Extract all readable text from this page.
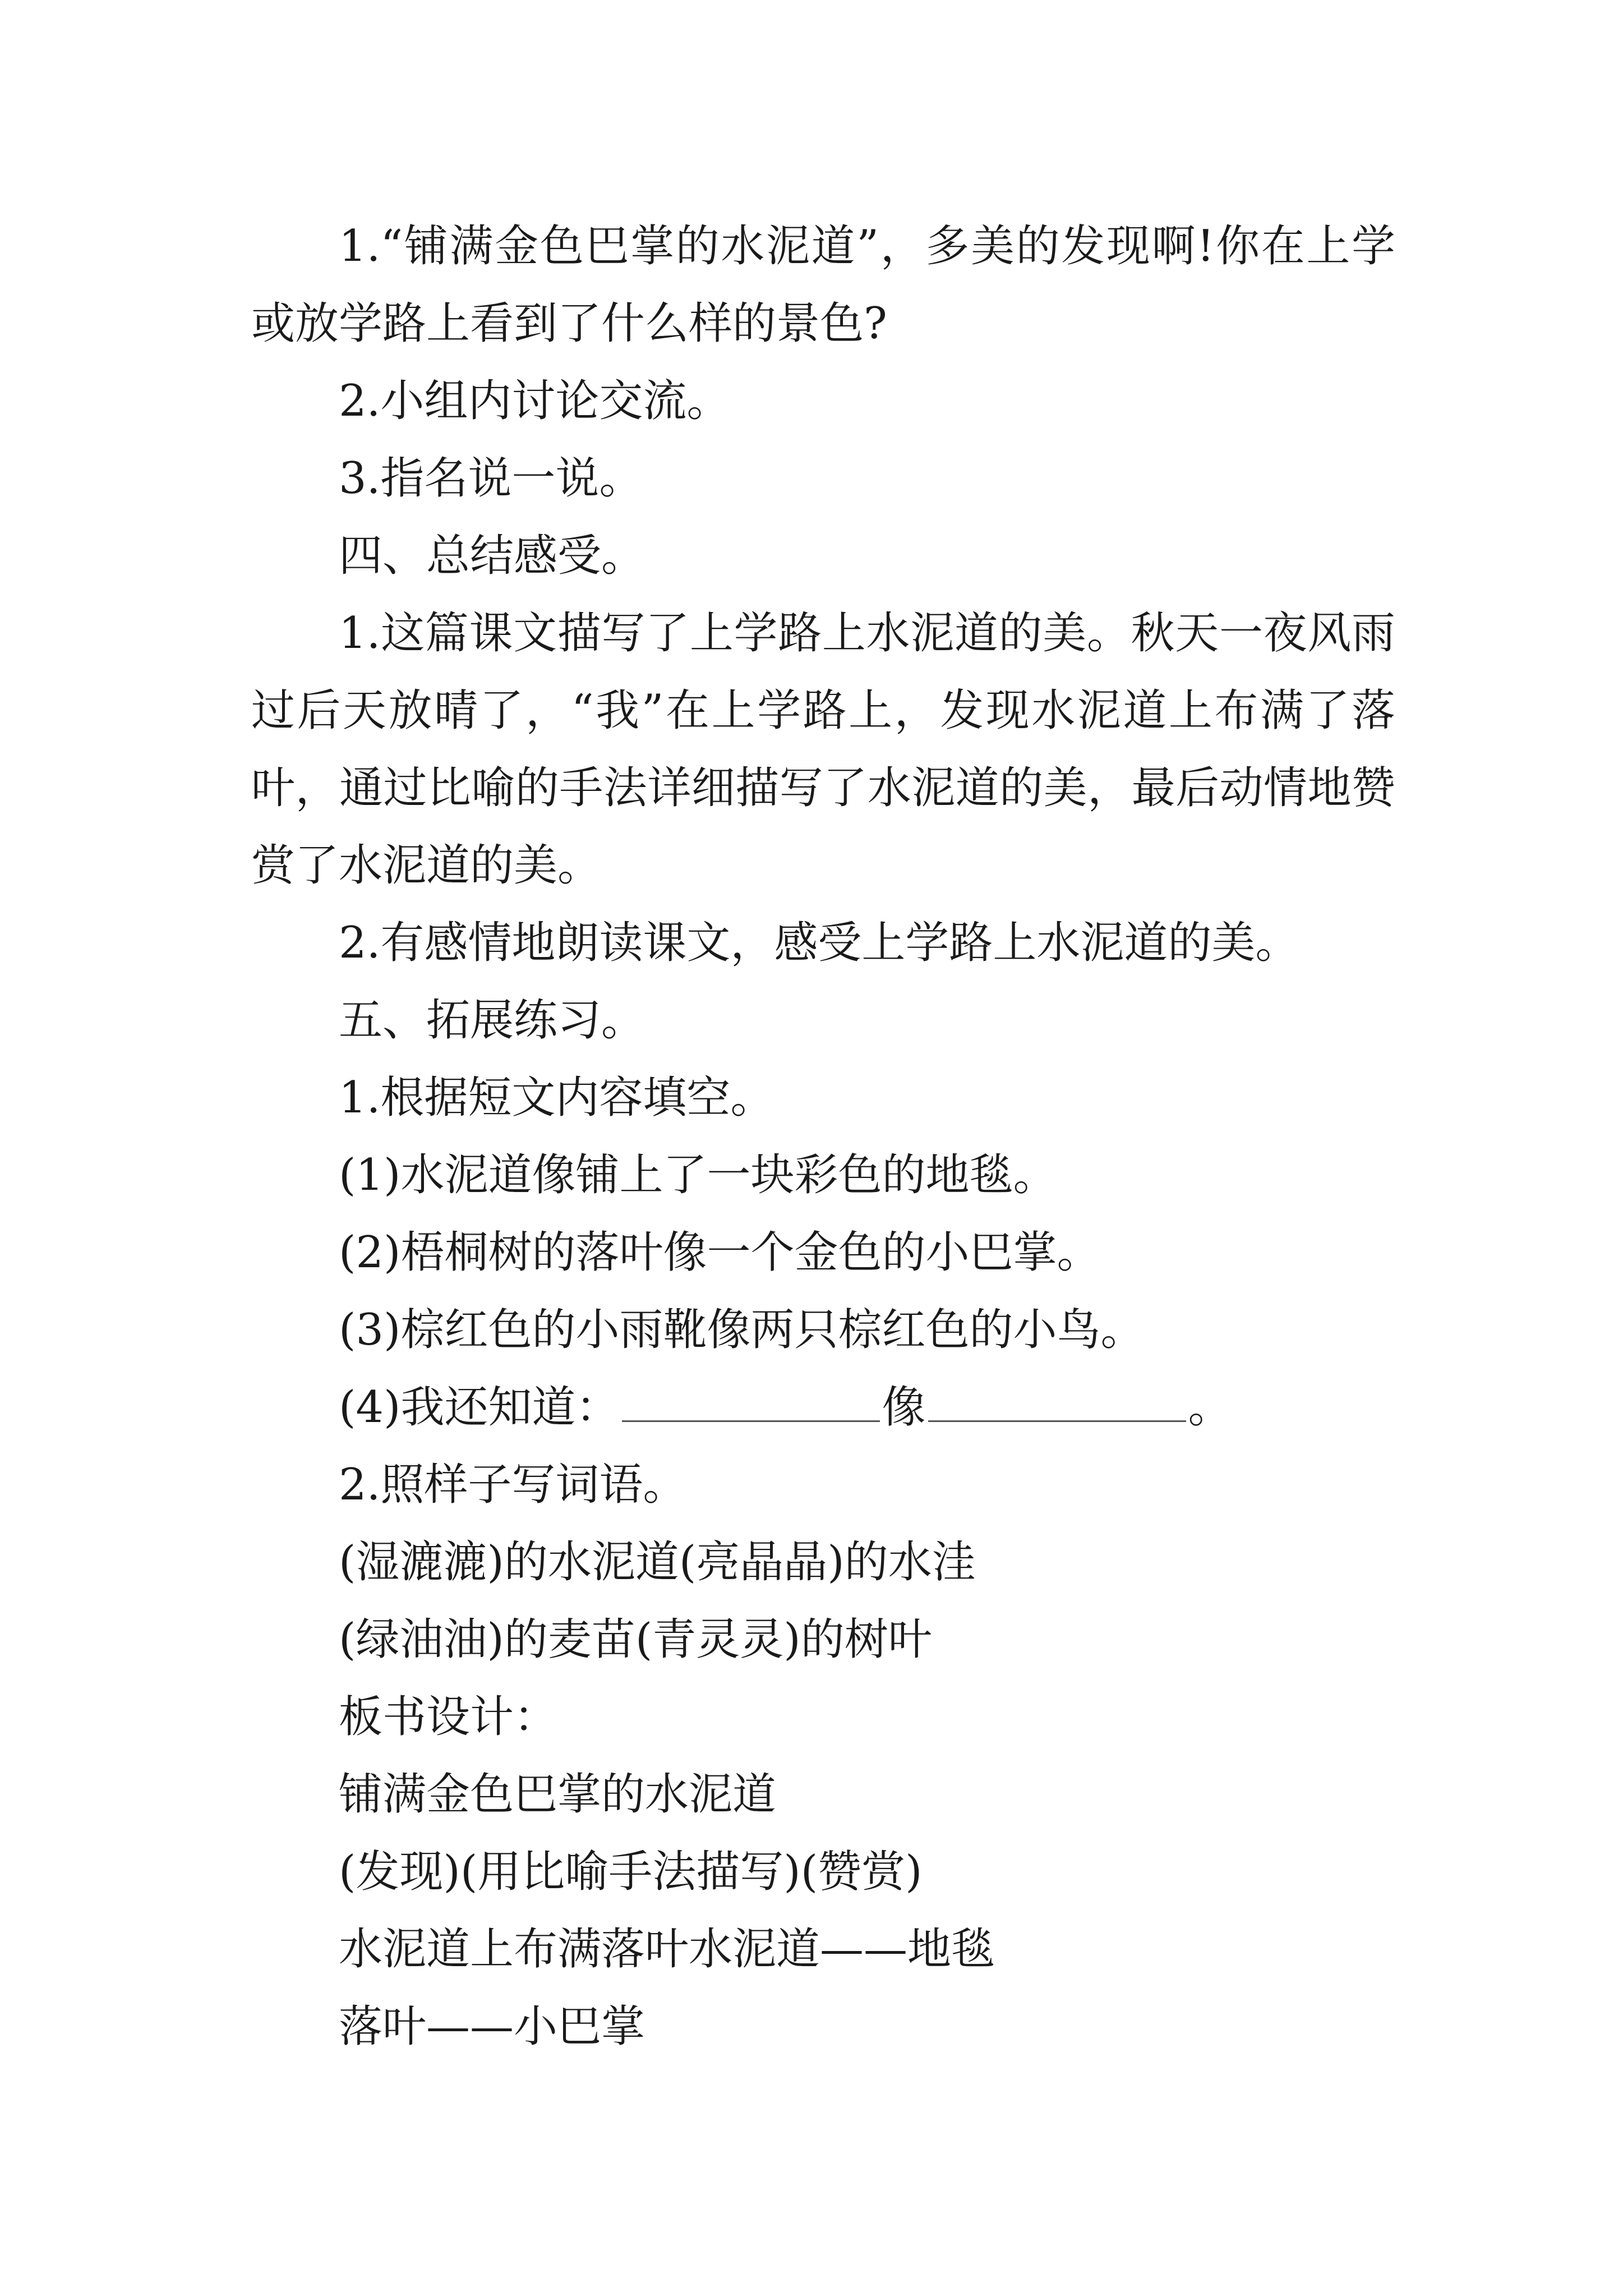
1.“铺满金色巴掌的水泥道”，多美的发现啊!你在上学或放学路上看到了什么样的景色?

2.小组内讨论交流。

3.指名说一说。

四、总结感受。

1.这篇课文描写了上学路上水泥道的美。秋天一夜风雨过后天放晴了，“我”在上学路上，发现水泥道上布满了落叶，通过比喻的手法详细描写了水泥道的美，最后动情地赞赏了水泥道的美。

2.有感情地朗读课文，感受上学路上水泥道的美。

五、拓展练习。

1.根据短文内容填空。

(1)水泥道像铺上了一块彩色的地毯。

(2)梧桐树的落叶像一个金色的小巴掌。

(3)棕红色的小雨靴像两只棕红色的小鸟。

(4)我还知道：	像	。

2.照样子写词语。

(湿漉漉)的水泥道(亮晶晶)的水洼

(绿油油)的麦苗(青灵灵)的树叶

板书设计：

铺满金色巴掌的水泥道

(发现)(用比喻手法描写)(赞赏)

水泥道上布满落叶水泥道——地毯

落叶——小巴掌
